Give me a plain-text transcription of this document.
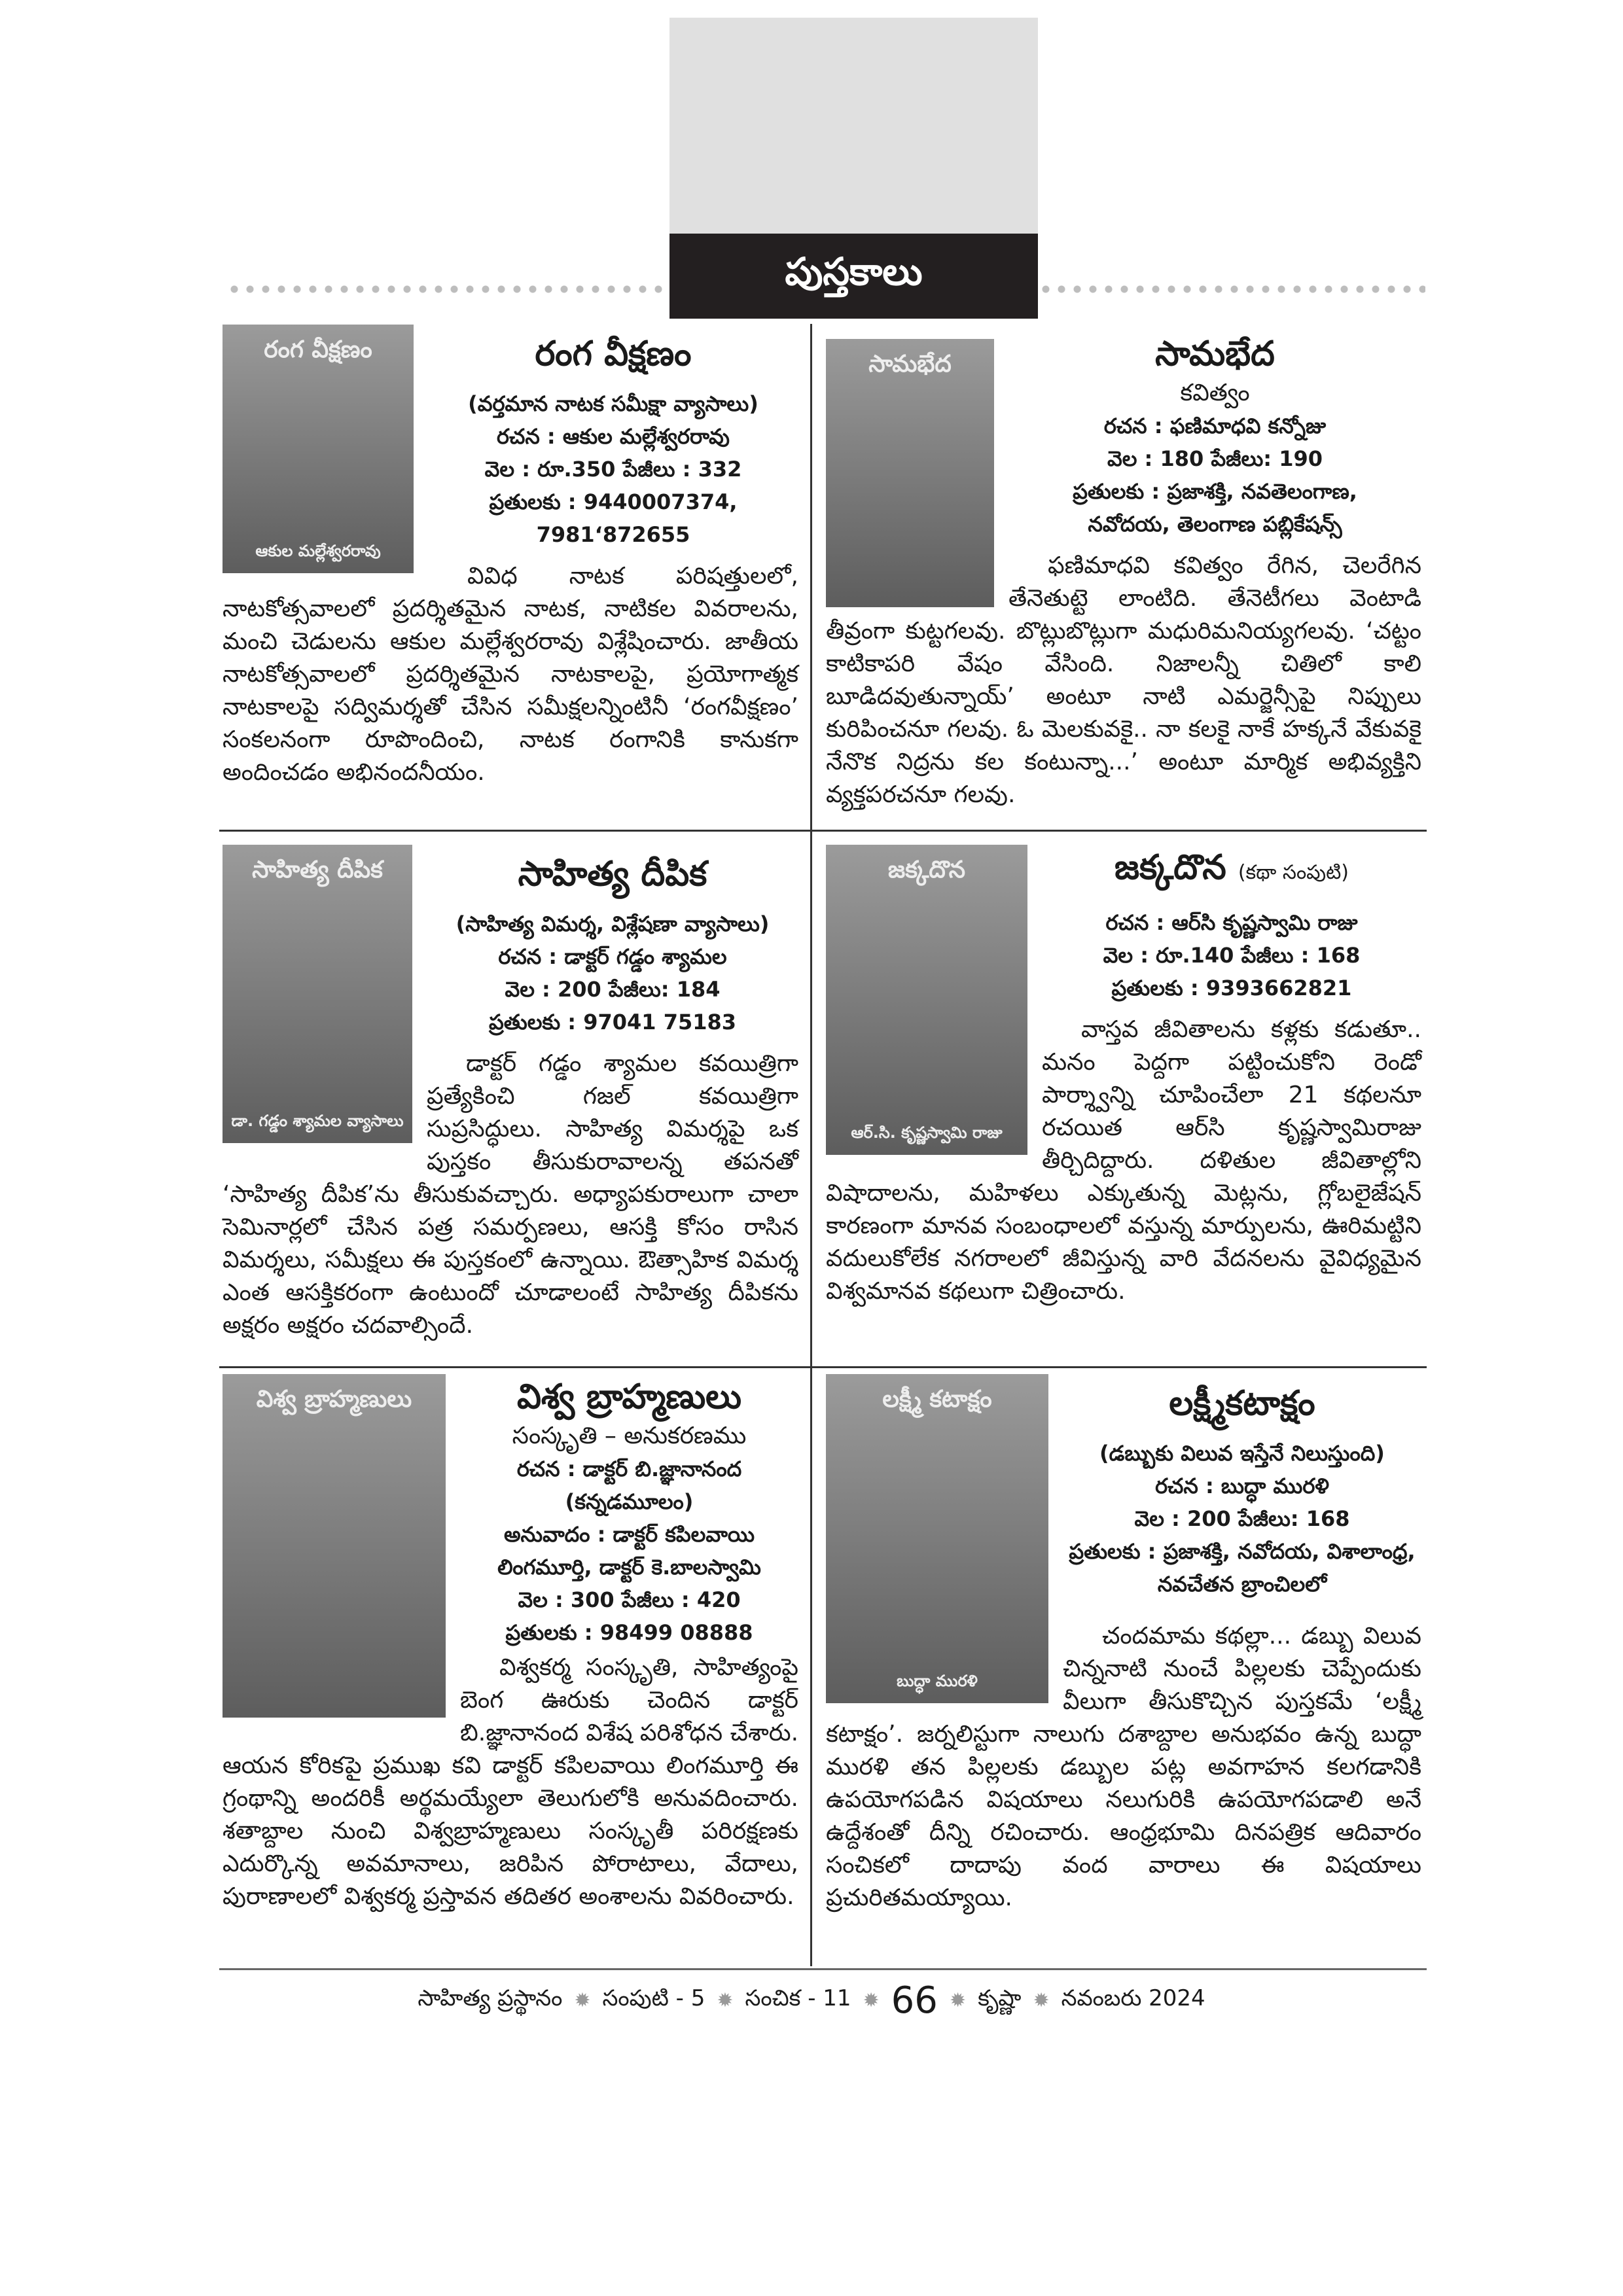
పుస్తకాలు
రంగ వీక్షణం
ఆకుల మల్లేశ్వరరావు
రంగ వీక్షణం
(వర్తమాన నాటక సమీక్షా వ్యాసాలు)
రచన : ఆకుల మల్లేశ్వరరావు
వెల : రూ.350 పేజీలు : 332
ప్రతులకు : 9440007374, 7981‘872655
వివిధ నాటక పరిషత్తులలో, నాటకోత్సవాలలో ప్రదర్శితమైన నాటక, నాటికల వివరాలను, మంచి చెడులను ఆకుల మల్లేశ్వరరావు విశ్లేషించారు. జాతీయ నాటకోత్సవాలలో ప్రదర్శితమైన నాటకాలపై, ప్రయోగాత్మక నాటకాలపై సద్విమర్శతో చేసిన సమీక్షలన్నింటినీ ‘రంగవీక్షణం’ సంకలనంగా రూపొందించి, నాటక రంగానికి కానుకగా అందించడం అభినందనీయం.
సామభేద	సామభేద
కవిత్వం
రచన : ఫణిమాధవి కన్నోజు
వెల : 180 పేజీలు: 190
ప్రతులకు : ప్రజాశక్తి, నవతెలంగాణ,
నవోదయ, తెలంగాణ పబ్లికేషన్స్
ఫణిమాధవి కవిత్వం రేగిన, చెలరేగిన తేనెతుట్టె లాంటిది. తేనెటీగలు వెంటాడి తీవ్రంగా కుట్టగలవు. బొట్లుబొట్లుగా మధురిమనియ్యగలవు. ‘చట్టం కాటికాపరి వేషం వేసింది. నిజాలన్నీ చితిలో కాలి బూడిదవుతున్నాయ్’ అంటూ నాటి ఎమర్జెన్సీపై నిప్పులు కురిపించనూ గలవు. ఓ మెలకువకై.. నా కలకై నాకే హక్కనే వేకువకై నేనొక నిద్రను కల కంటున్నా...’ అంటూ మార్మిక అభివ్యక్తిని వ్యక్తపరచనూ గలవు.
సాహిత్య దీపిక
డా. గడ్డం శ్యామల వ్యాసాలు
సాహిత్య దీపిక
(సాహిత్య విమర్శ, విశ్లేషణా వ్యాసాలు)
రచన : డాక్టర్ గడ్డం శ్యామల
వెల : 200 పేజీలు: 184
ప్రతులకు : 97041 75183
డాక్టర్ గడ్డం శ్యామల కవయిత్రిగా ప్రత్యేకించి గజల్ కవయిత్రిగా సుప్రసిద్ధులు. సాహిత్య విమర్శపై ఒక పుస్తకం తీసుకురావాలన్న తపనతో ‘సాహిత్య దీపిక’ను తీసుకువచ్చారు. అధ్యాపకురాలుగా చాలా సెమినార్లలో చేసిన పత్ర సమర్పణలు, ఆసక్తి కోసం రాసిన విమర్శలు, సమీక్షలు ఈ పుస్తకంలో ఉన్నాయి. ఔత్సాహిక విమర్శ ఎంత ఆసక్తికరంగా ఉంటుందో చూడాలంటే సాహిత్య దీపికను అక్షరం అక్షరం చదవాల్సిందే.
జక్కదొన
ఆర్.సి. కృష్ణస్వామి రాజు
జక్కదొన (కథా సంపుటి)
రచన : ఆర్‌సి కృష్ణస్వామి రాజు
వెల : రూ.140 పేజీలు : 168
ప్రతులకు : 9393662821
వాస్తవ జీవితాలను కళ్లకు కడుతూ.. మనం పెద్దగా పట్టించుకోని రెండో పార్శ్వాన్ని చూపించేలా 21 కథలనూ రచయిత ఆర్‌సి కృష్ణస్వామిరాజు తీర్చిదిద్దారు. దళితుల జీవితాల్లోని విషాదాలను, మహిళలు ఎక్కుతున్న మెట్లను, గ్లోబలైజేషన్ కారణంగా మానవ సంబంధాలలో వస్తున్న మార్పులను, ఊరిమట్టిని వదులుకోలేక నగరాలలో జీవిస్తున్న వారి వేదనలను వైవిధ్యమైన విశ్వమానవ కథలుగా చిత్రించారు.
విశ్వ బ్రాహ్మణులు	విశ్వ బ్రాహ్మణులు
సంస్కృతి – అనుకరణము
రచన : డాక్టర్ బి.జ్ఞానానంద
(కన్నడమూలం)
అనువాదం : డాక్టర్ కపిలవాయి
లింగమూర్తి, డాక్టర్ కె.బాలస్వామి
వెల : 300 పేజీలు : 420
ప్రతులకు : 98499 08888
విశ్వకర్మ సంస్కృతి, సాహిత్యంపై బెంగ ఊరుకు చెందిన డాక్టర్ బి.జ్ఞానానంద విశేష పరిశోధన చేశారు. ఆయన కోరికపై ప్రముఖ కవి డాక్టర్ కపిలవాయి లింగమూర్తి ఈ గ్రంథాన్ని అందరికీ అర్థమయ్యేలా తెలుగులోకి అనువదించారు. శతాబ్దాల నుంచి విశ్వబ్రాహ్మణులు సంస్కృతీ పరిరక్షణకు ఎదుర్కొన్న అవమానాలు, జరిపిన పోరాటాలు, వేదాలు, పురాణాలలో విశ్వకర్మ ప్రస్తావన తదితర అంశాలను వివరించారు.
లక్ష్మీ కటాక్షం
బుద్ధా మురళి
లక్ష్మీకటాక్షం
(డబ్బుకు విలువ ఇస్తేనే నిలుస్తుంది)
రచన : బుద్ధా మురళి
వెల : 200 పేజీలు: 168
ప్రతులకు : ప్రజాశక్తి, నవోదయ, విశాలాంధ్ర,
నవచేతన బ్రాంచిలలో
చందమామ కథల్లా... డబ్బు విలువ చిన్ననాటి నుంచే పిల్లలకు చెప్పేందుకు వీలుగా తీసుకొచ్చిన పుస్తకమే ‘లక్ష్మీ కటాక్షం’. జర్నలిస్టుగా నాలుగు దశాబ్దాల అనుభవం ఉన్న బుద్ధా మురళి తన పిల్లలకు డబ్బుల పట్ల అవగాహన కలగడానికి ఉపయోగపడిన విషయాలు నలుగురికి ఉపయోగపడాలి అనే ఉద్దేశంతో దీన్ని రచించారు. ఆంధ్రభూమి దినపత్రిక ఆదివారం సంచికలో దాదాపు వంద వారాలు ఈ విషయాలు ప్రచురితమయ్యాయి.
సాహిత్య ప్రస్థానం ✹ సంపుటి - 5 ✹ సంచిక - 11 ✹ 66 ✹ కృష్ణా ✹ నవంబరు 2024
